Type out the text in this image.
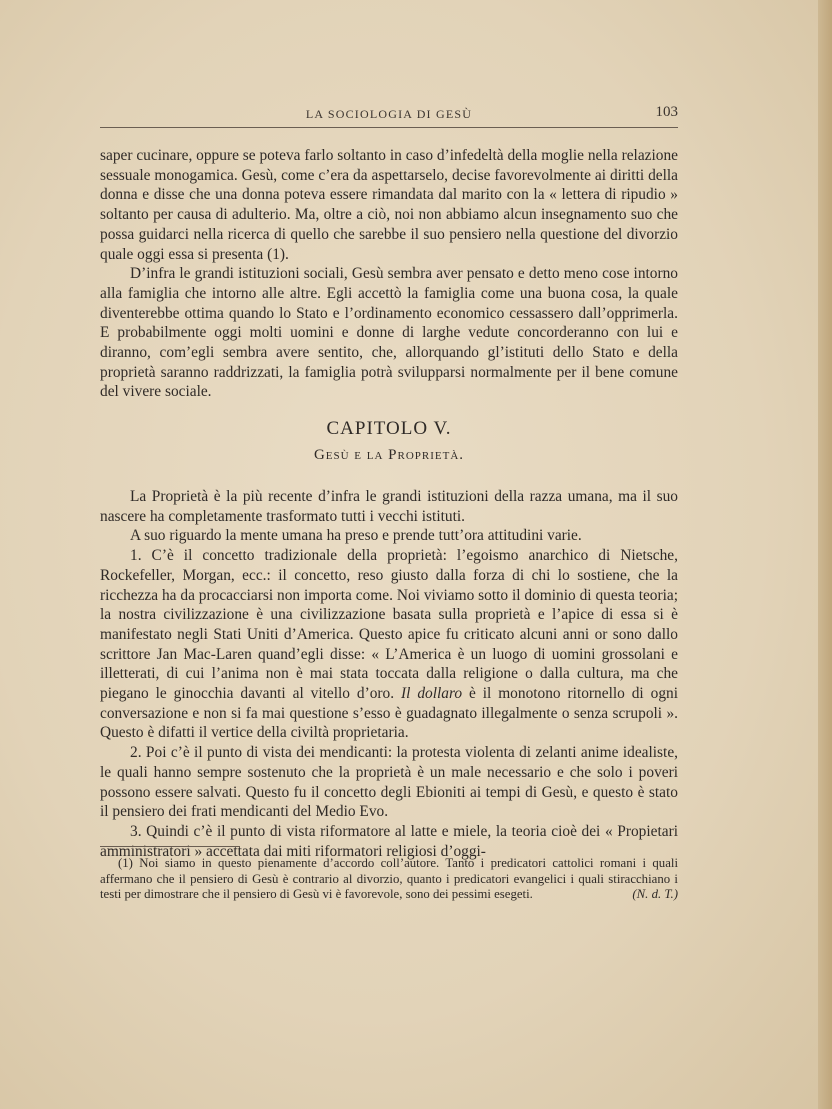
LA SOCIOLOGIA DI GESÙ	103

saper cucinare, oppure se poteva farlo soltanto in caso d’infedeltà della moglie nella relazione sessuale monogamica. Gesù, come c’era da aspettarselo, decise favorevolmente ai diritti della donna e disse che una donna poteva essere rimandata dal marito con la « lettera di ripudio » soltanto per causa di adulterio. Ma, oltre a ciò, noi non abbiamo alcun insegnamento suo che possa guidarci nella ricerca di quello che sarebbe il suo pensiero nella questione del divorzio quale oggi essa si presenta (1).

D’infra le grandi istituzioni sociali, Gesù sembra aver pensato e detto meno cose intorno alla famiglia che intorno alle altre. Egli accettò la famiglia come una buona cosa, la quale diventerebbe ottima quando lo Stato e l’ordinamento economico cessassero dall’opprimerla. E probabilmente oggi molti uomini e donne di larghe vedute concorderanno con lui e diranno, com’egli sembra avere sentito, che, allorquando gl’istituti dello Stato e della proprietà saranno raddrizzati, la famiglia potrà svilupparsi normalmente per il bene comune del vivere sociale.

CAPITOLO V.
Gesù e la Proprietà.

La Proprietà è la più recente d’infra le grandi istituzioni della razza umana, ma il suo nascere ha completamente trasformato tutti i vecchi istituti.

A suo riguardo la mente umana ha preso e prende tutt’ora attitudini varie.

1. C’è il concetto tradizionale della proprietà: l’egoismo anarchico di Nietsche, Rockefeller, Morgan, ecc.: il concetto, reso giusto dalla forza di chi lo sostiene, che la ricchezza ha da procacciarsi non importa come. Noi viviamo sotto il dominio di questa teoria; la nostra civilizzazione è una civilizzazione basata sulla proprietà e l’apice di essa si è manifestato negli Stati Uniti d’America. Questo apice fu criticato alcuni anni or sono dallo scrittore Jan Mac-Laren quand’egli disse: « L’America è un luogo di uomini grossolani e illetterati, di cui l’anima non è mai stata toccata dalla religione o dalla cultura, ma che piegano le ginocchia davanti al vitello d’oro. Il dollaro è il monotono ritornello di ogni conversazione e non si fa mai questione s’esso è guadagnato illegalmente o senza scrupoli ». Questo è difatti il vertice della civiltà proprietaria.

2. Poi c’è il punto di vista dei mendicanti: la protesta violenta di zelanti anime idealiste, le quali hanno sempre sostenuto che la proprietà è un male necessario e che solo i poveri possono essere salvati. Questo fu il concetto degli Ebioniti ai tempi di Gesù, e questo è stato il pensiero dei frati mendicanti del Medio Evo.

3. Quindi c’è il punto di vista riformatore al latte e miele, la teoria cioè dei « Propietari amministratori » accettata dai miti riformatori religiosi d’oggi-

(1) Noi siamo in questo pienamente d’accordo coll’autore. Tanto i predicatori cattolici romani i quali affermano che il pensiero di Gesù è contrario al divorzio, quanto i predicatori evangelici i quali stiracchiano i testi per dimostrare che il pensiero di Gesù vi è favorevole, sono dei pessimi esegeti.	(N. d. T.)
